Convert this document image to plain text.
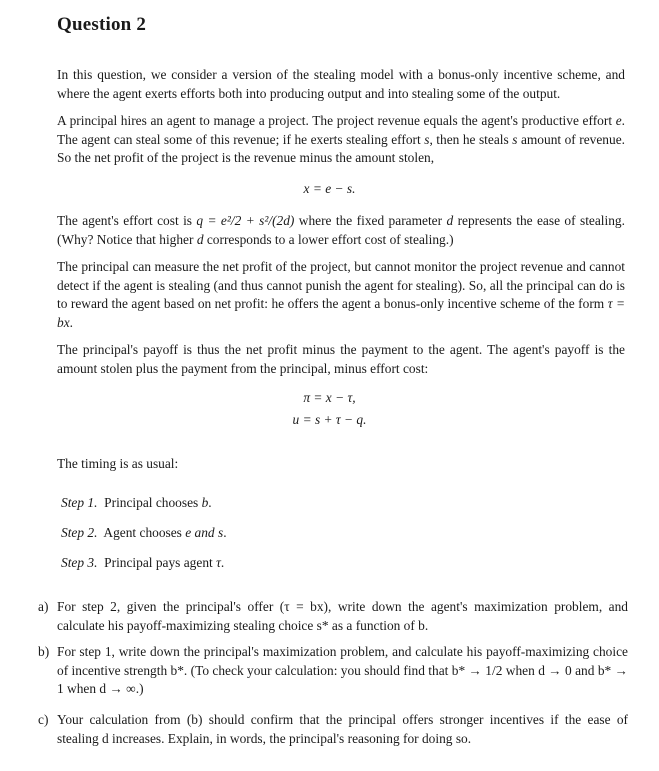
Question 2

In this question, we consider a version of the stealing model with a bonus-only incentive scheme, and where the agent exerts efforts both into producing output and into stealing some of the output.

A principal hires an agent to manage a project. The project revenue equals the agent's productive effort e. The agent can steal some of this revenue; if he exerts stealing effort s, then he steals s amount of revenue. So the net profit of the project is the revenue minus the amount stolen,

x = e − s.

The agent's effort cost is q = e²/2 + s²/(2d) where the fixed parameter d represents the ease of stealing. (Why? Notice that higher d corresponds to a lower effort cost of stealing.)

The principal can measure the net profit of the project, but cannot monitor the project revenue and cannot detect if the agent is stealing (and thus cannot punish the agent for stealing). So, all the principal can do is to reward the agent based on net profit: he offers the agent a bonus-only incentive scheme of the form τ = bx.

The principal's payoff is thus the net profit minus the payment to the agent. The agent's payoff is the amount stolen plus the payment from the principal, minus effort cost:

π = x − τ,
u = s + τ − q.

The timing is as usual:

Step 1. Principal chooses b.
Step 2. Agent chooses e and s.
Step 3. Principal pays agent τ.
a) For step 2, given the principal's offer (τ = bx), write down the agent's maximization problem, and calculate his payoff-maximizing stealing choice s* as a function of b.

b) For step 1, write down the principal's maximization problem, and calculate his payoff-maximizing choice of incentive strength b*. (To check your calculation: you should find that b* → 1/2 when d → 0 and b* → 1 when d → ∞.)

c) Your calculation from (b) should confirm that the principal offers stronger incentives if the ease of stealing d increases. Explain, in words, the principal's reasoning for doing so.
